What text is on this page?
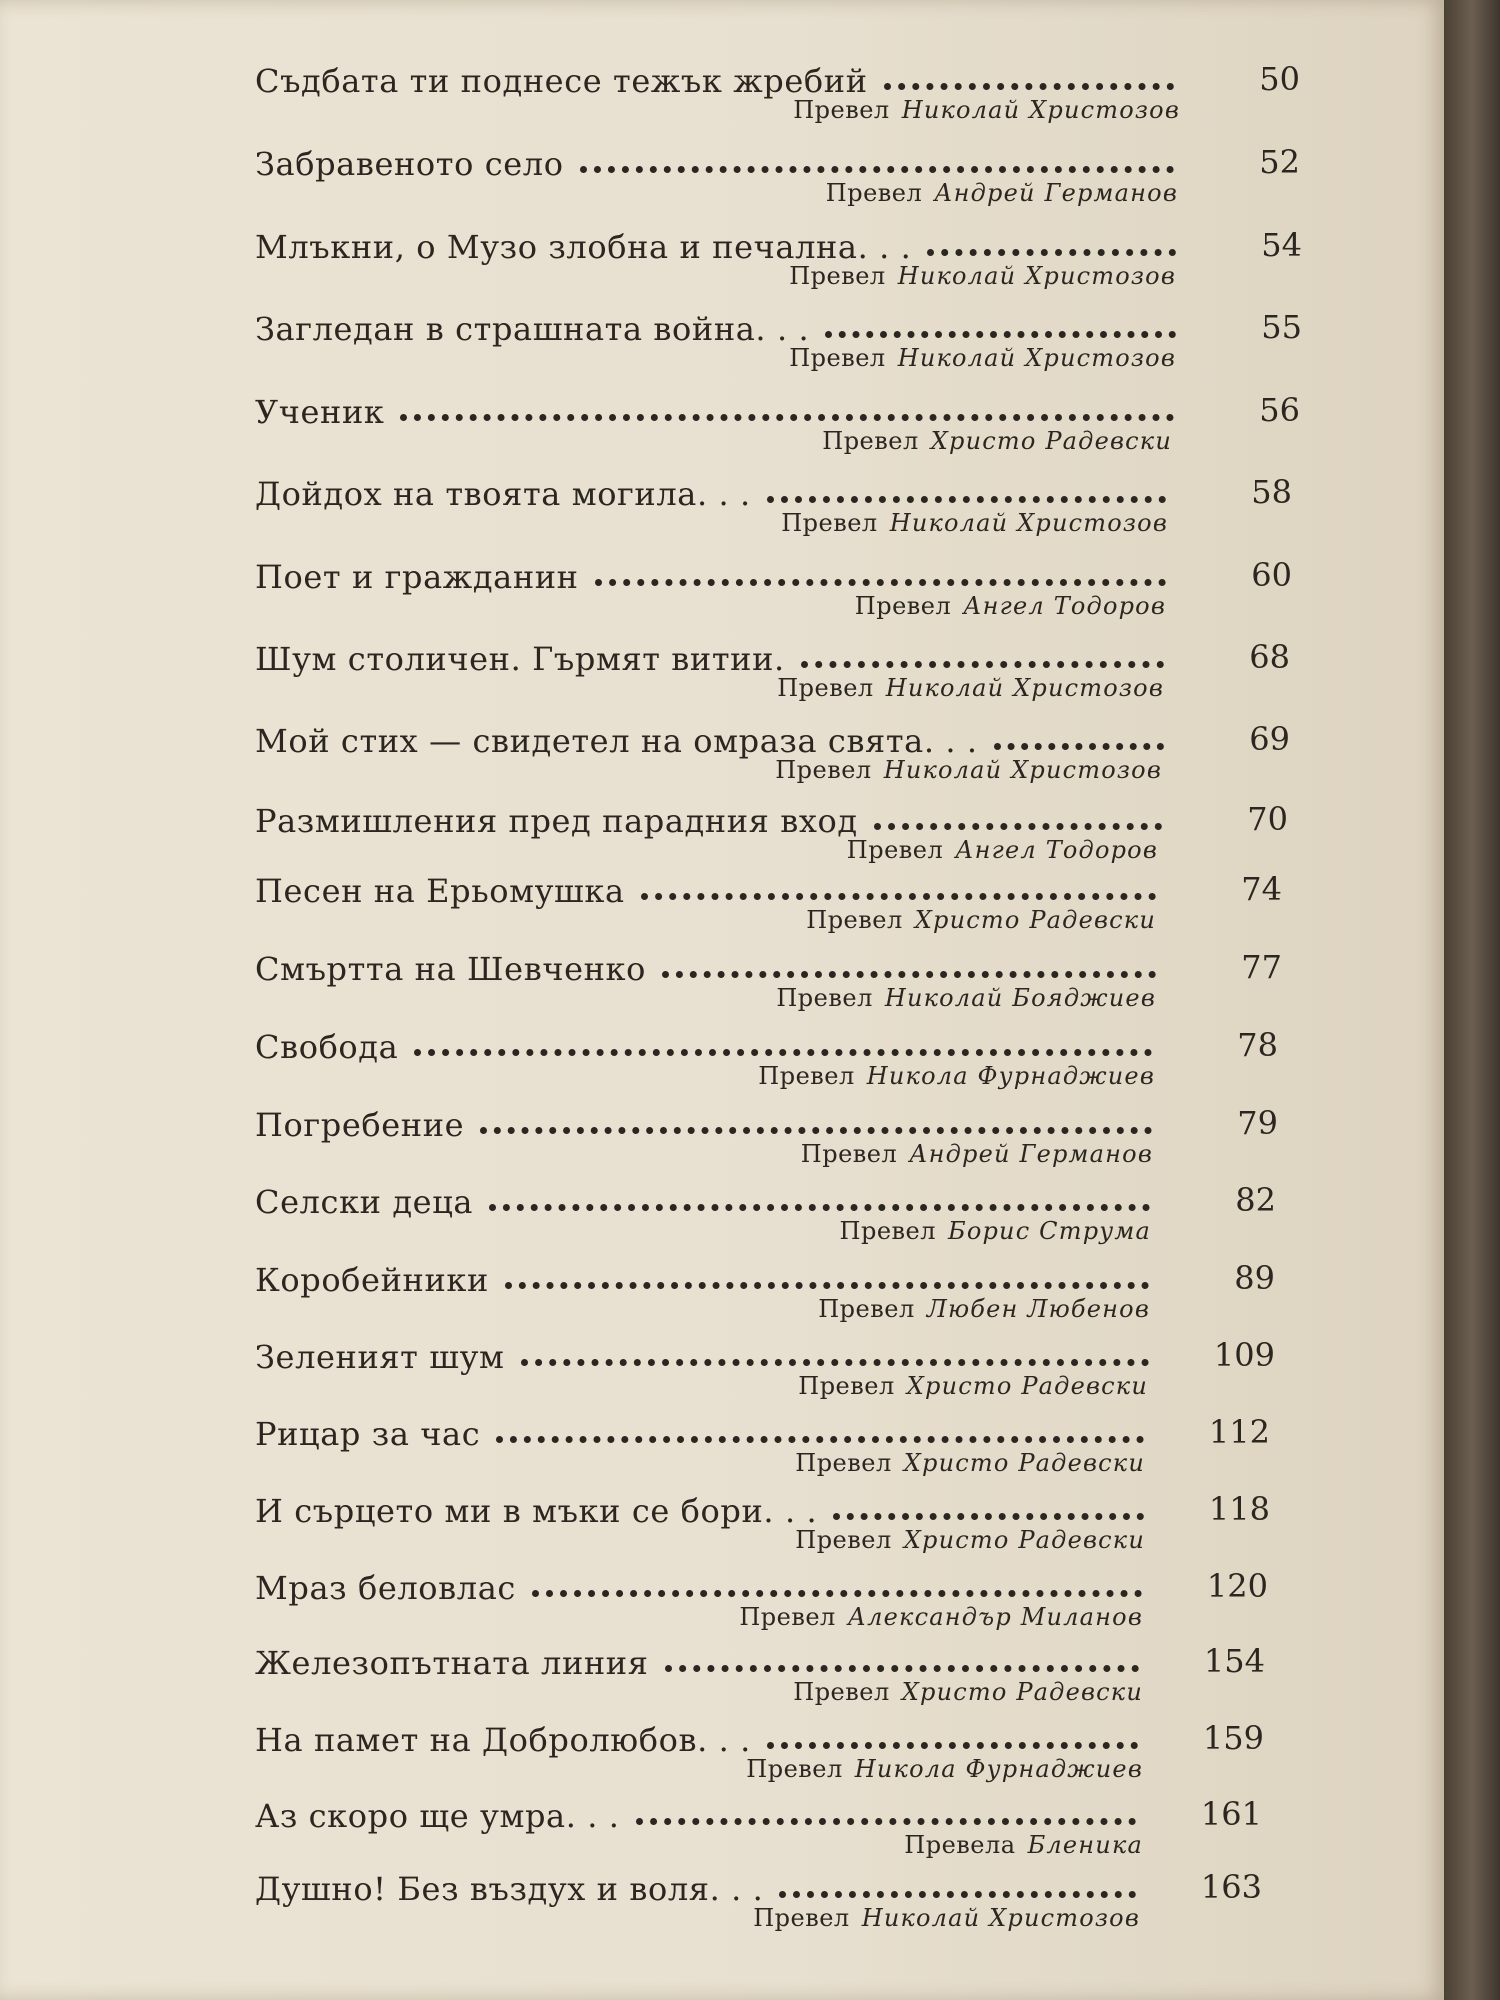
Съдбата ти поднесе тежък жребий	50
Превел Николай Христозов
Забравеното село	52
Превел Андрей Германов
Млъкни, о Музо злобна и печална. . .	54
Превел Николай Христозов
Загледан в страшната война. . .	55
Превел Николай Христозов
Ученик	56
Превел Христо Радевски
Дойдох на твоята могила. . .	58
Превел Николай Христозов
Поет и гражданин	60
Превел Ангел Тодоров
Шум столичен. Гърмят витии.	68
Превел Николай Христозов
Мой стих — свидетел на омраза свята. . .	69
Превел Николай Христозов
Размишления пред парадния вход	70
Превел Ангел Тодоров
Песен на Ерьомушка	74
Превел Христо Радевски
Смъртта на Шевченко	77
Превел Николай Бояджиев
Свобода	78
Превел Никола Фурнаджиев
Погребение	79
Превел Андрей Германов
Селски деца	82
Превел Борис Струма
Коробейники	89
Превел Любен Любенов
Зеленият шум	109
Превел Христо Радевски
Рицар за час	112
Превел Христо Радевски
И сърцето ми в мъки се бори. . .	118
Превел Христо Радевски
Мраз беловлас	120
Превел Александър Миланов
Железопътната линия	154
Превел Христо Радевски
На памет на Добролюбов. . .	159
Превел Никола Фурнаджиев
Аз скоро ще умра. . .	161
Превела Бленика
Душно! Без въздух и воля. . .	163
Превел Николай Христозов
